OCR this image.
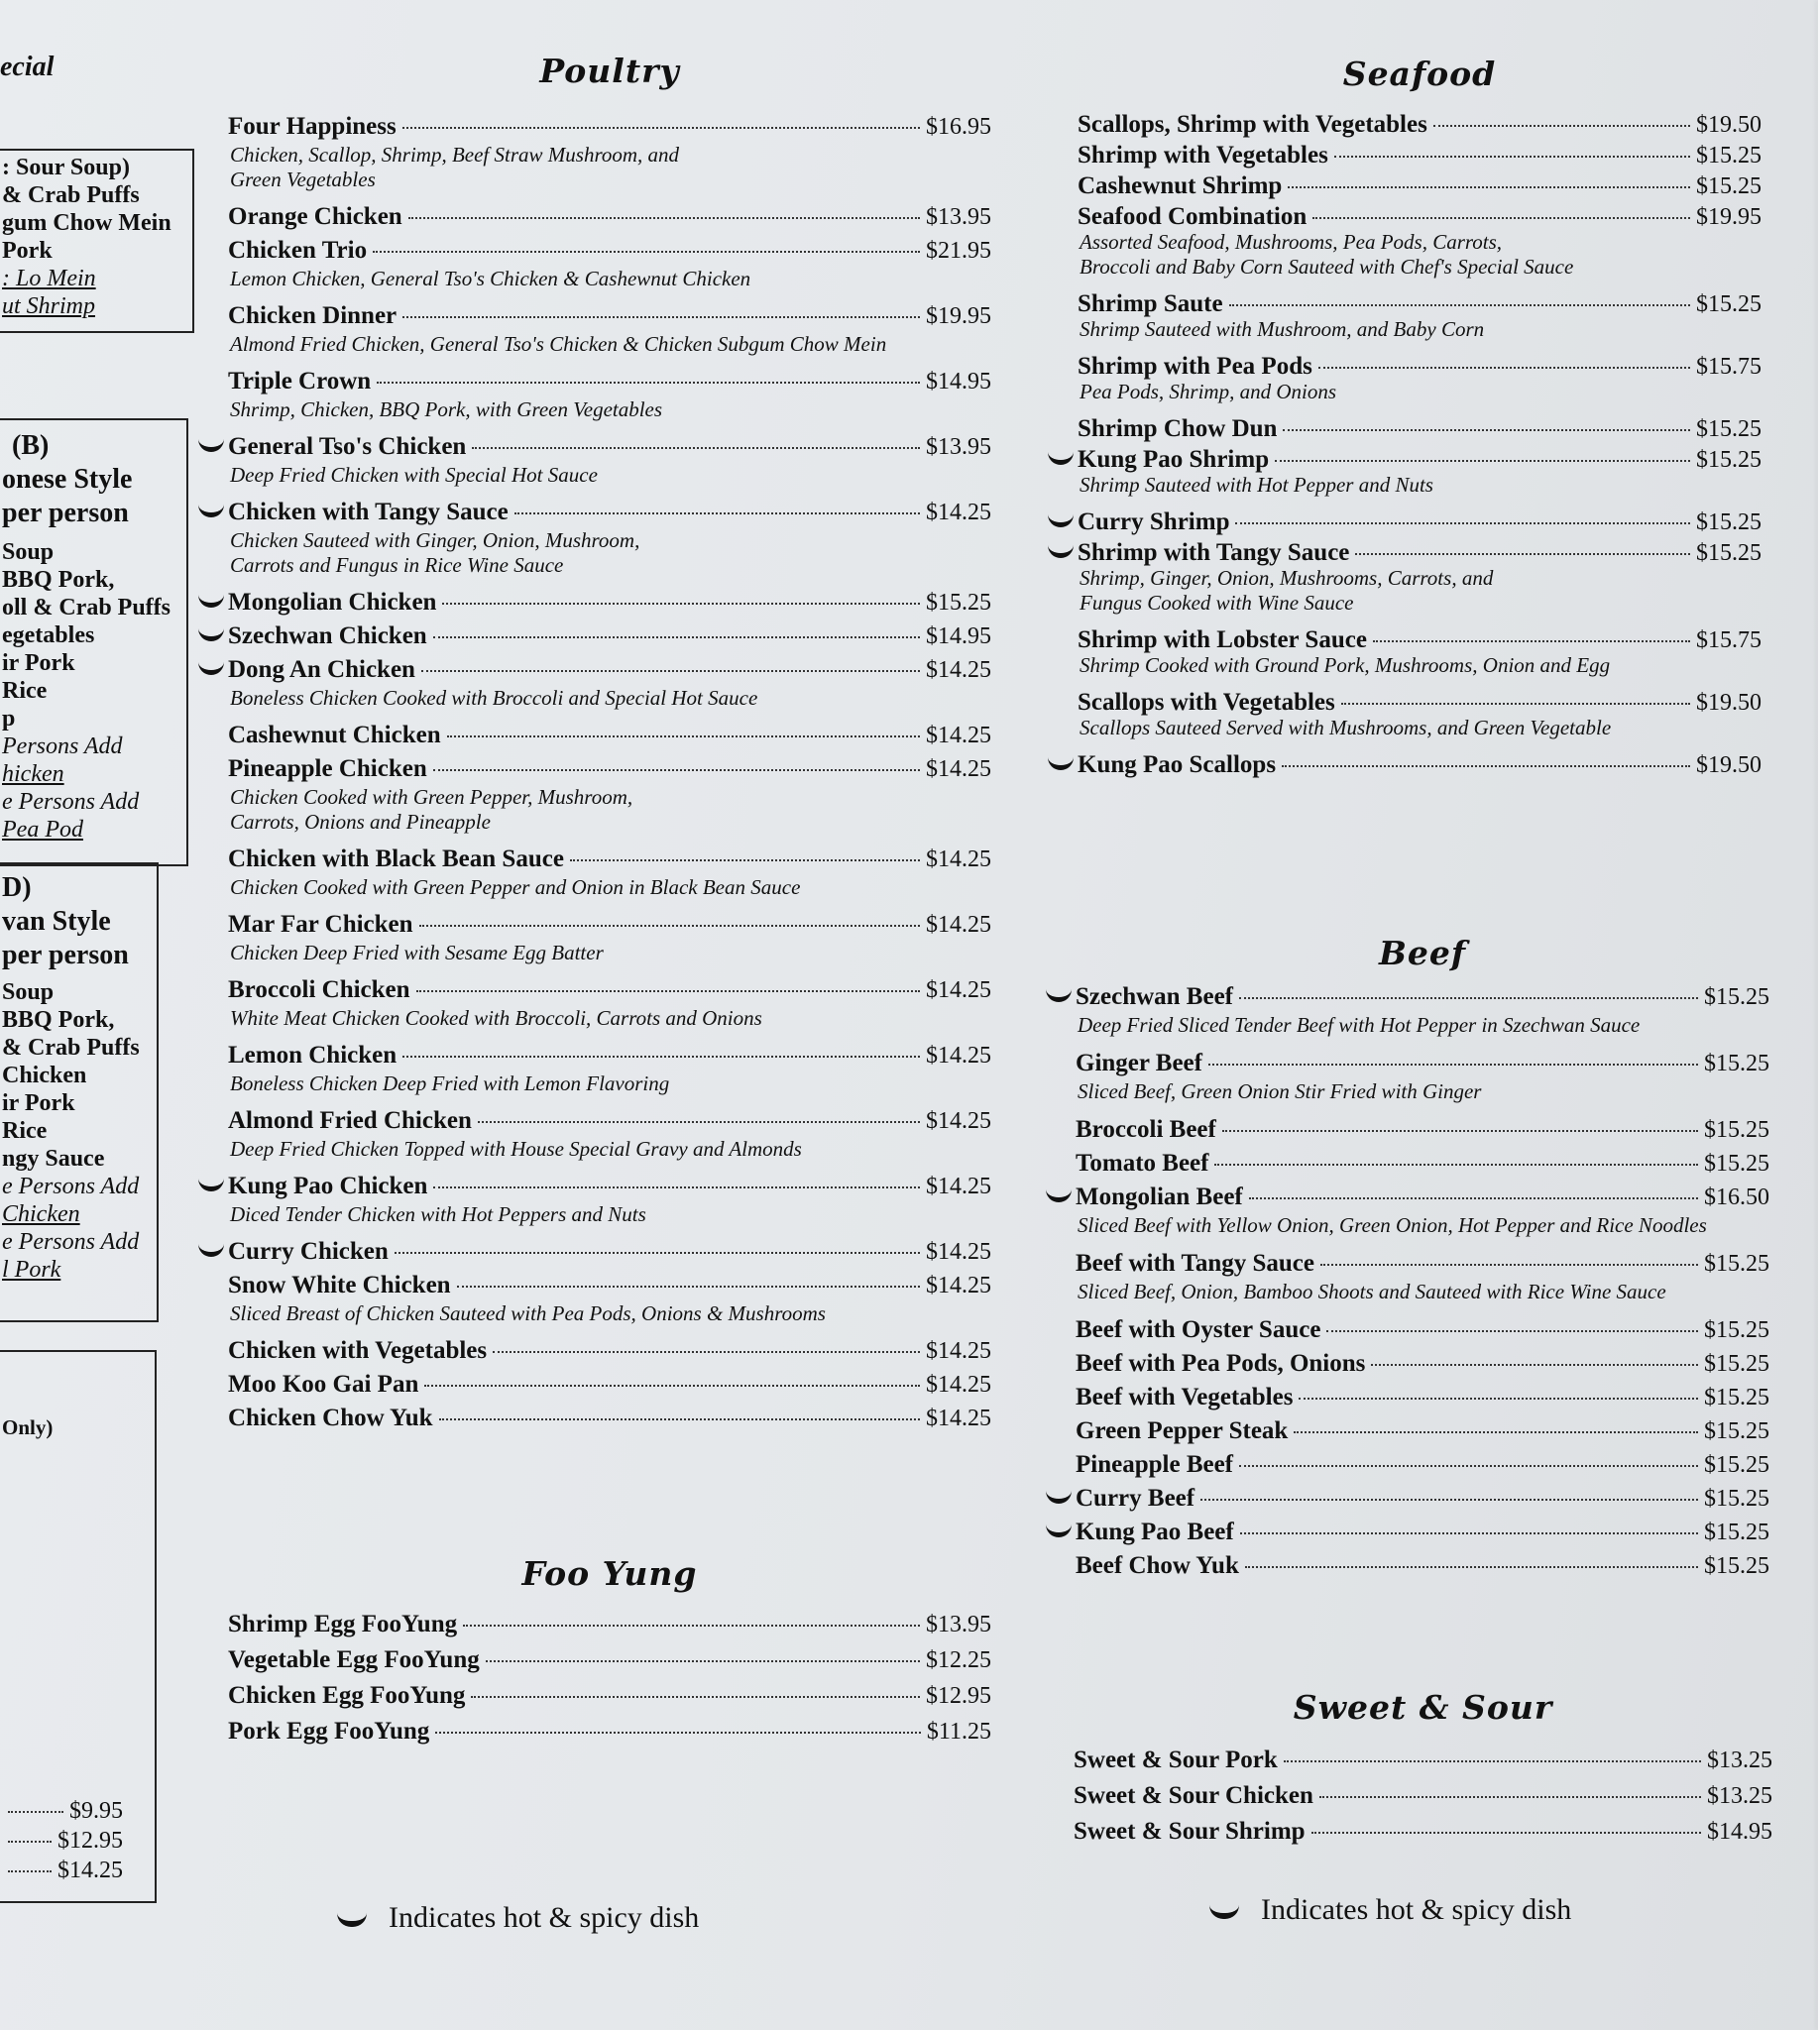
ecial
: Sour Soup)
& Crab Puffs
gum Chow Mein
Pork
: Lo Mein
ut Shrimp
(B)
onese Style
per person
Soup
BBQ Pork,
oll & Crab Puffs
egetables
ir Pork
Rice
p
Persons Add
hicken
e Persons Add
Pea Pod
D)
van Style
per person
Soup
BBQ Pork,
& Crab Puffs
Chicken
ir Pork
Rice
ngy Sauce
e Persons Add
Chicken
e Persons Add
l Pork
Only)
$9.95
$12.95
$14.25
Poultry
Four Happiness	$16.95
Chicken, Scallop, Shrimp, Beef Straw Mushroom, and
Green Vegetables
Orange Chicken	$13.95
Chicken Trio	$21.95
Lemon Chicken, General Tso's Chicken & Cashewnut Chicken
Chicken Dinner	$19.95
Almond Fried Chicken, General Tso's Chicken & Chicken Subgum Chow Mein
Triple Crown	$14.95
Shrimp, Chicken, BBQ Pork, with Green Vegetables
General Tso's Chicken	$13.95
Deep Fried Chicken with Special Hot Sauce
Chicken with Tangy Sauce	$14.25
Chicken Sauteed with Ginger, Onion, Mushroom,
Carrots and Fungus in Rice Wine Sauce
Mongolian Chicken	$15.25
Szechwan Chicken	$14.95
Dong An Chicken	$14.25
Boneless Chicken Cooked with Broccoli and Special Hot Sauce
Cashewnut Chicken	$14.25
Pineapple Chicken	$14.25
Chicken Cooked with Green Pepper, Mushroom,
Carrots, Onions and Pineapple
Chicken with Black Bean Sauce	$14.25
Chicken Cooked with Green Pepper and Onion in Black Bean Sauce
Mar Far Chicken	$14.25
Chicken Deep Fried with Sesame Egg Batter
Broccoli Chicken	$14.25
White Meat Chicken Cooked with Broccoli, Carrots and Onions
Lemon Chicken	$14.25
Boneless Chicken Deep Fried with Lemon Flavoring
Almond Fried Chicken	$14.25
Deep Fried Chicken Topped with House Special Gravy and Almonds
Kung Pao Chicken	$14.25
Diced Tender Chicken with Hot Peppers and Nuts
Curry Chicken	$14.25
Snow White Chicken	$14.25
Sliced Breast of Chicken Sauteed with Pea Pods, Onions & Mushrooms
Chicken with Vegetables	$14.25
Moo Koo Gai Pan	$14.25
Chicken Chow Yuk	$14.25
Foo Yung
Shrimp Egg FooYung	$13.95
Vegetable Egg FooYung	$12.25
Chicken Egg FooYung	$12.95
Pork Egg FooYung	$11.25
Indicates hot & spicy dish
Seafood
Scallops, Shrimp with Vegetables	$19.50
Shrimp with Vegetables	$15.25
Cashewnut Shrimp	$15.25
Seafood Combination	$19.95
Assorted Seafood, Mushrooms, Pea Pods, Carrots,
Broccoli and Baby Corn Sauteed with Chef's Special Sauce
Shrimp Saute	$15.25
Shrimp Sauteed with Mushroom, and Baby Corn
Shrimp with Pea Pods	$15.75
Pea Pods, Shrimp, and Onions
Shrimp Chow Dun	$15.25
Kung Pao Shrimp	$15.25
Shrimp Sauteed with Hot Pepper and Nuts
Curry Shrimp	$15.25
Shrimp with Tangy Sauce	$15.25
Shrimp, Ginger, Onion, Mushrooms, Carrots, and
Fungus Cooked with Wine Sauce
Shrimp with Lobster Sauce	$15.75
Shrimp Cooked with Ground Pork, Mushrooms, Onion and Egg
Scallops with Vegetables	$19.50
Scallops Sauteed Served with Mushrooms, and Green Vegetable
Kung Pao Scallops	$19.50
Beef
Szechwan Beef	$15.25
Deep Fried Sliced Tender Beef with Hot Pepper in Szechwan Sauce
Ginger Beef	$15.25
Sliced Beef, Green Onion Stir Fried with Ginger
Broccoli Beef	$15.25
Tomato Beef	$15.25
Mongolian Beef	$16.50
Sliced Beef with Yellow Onion, Green Onion, Hot Pepper and Rice Noodles
Beef with Tangy Sauce	$15.25
Sliced Beef, Onion, Bamboo Shoots and Sauteed with Rice Wine Sauce
Beef with Oyster Sauce	$15.25
Beef with Pea Pods, Onions	$15.25
Beef with Vegetables	$15.25
Green Pepper Steak	$15.25
Pineapple Beef	$15.25
Curry Beef	$15.25
Kung Pao Beef	$15.25
Beef Chow Yuk	$15.25
Sweet & Sour
Sweet & Sour Pork	$13.25
Sweet & Sour Chicken	$13.25
Sweet & Sour Shrimp	$14.95
Indicates hot & spicy dish
